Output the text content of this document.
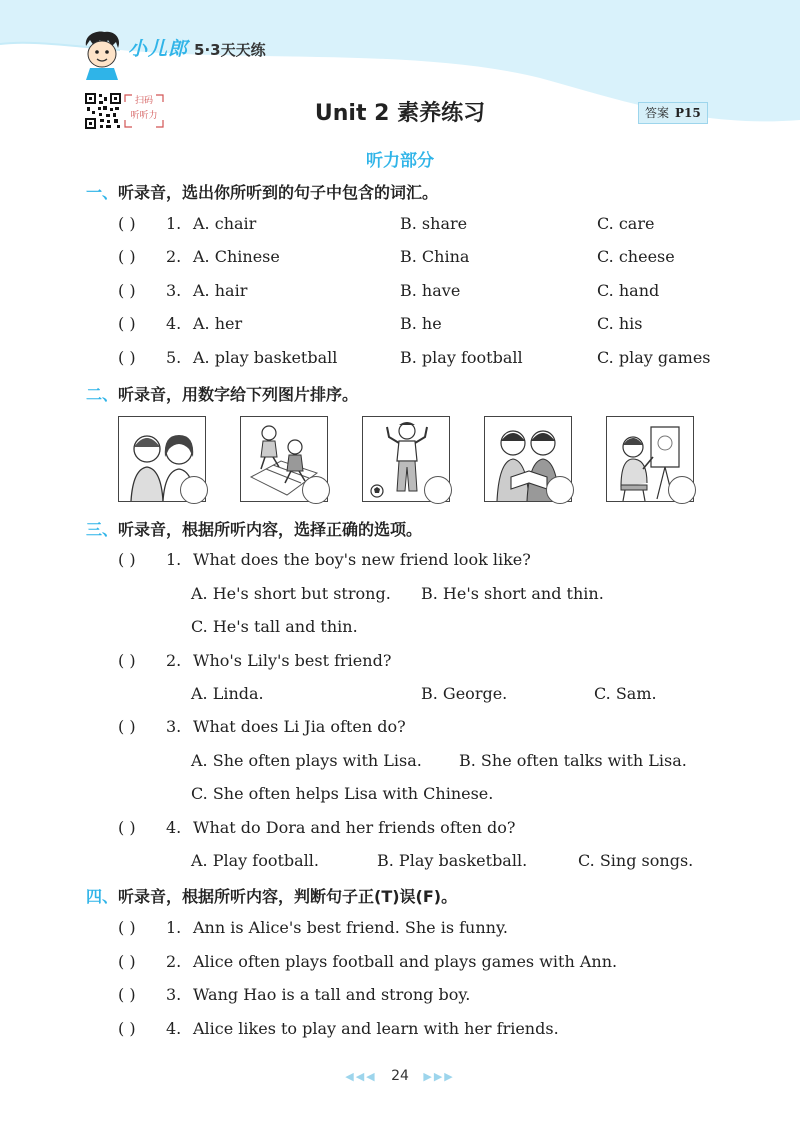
小儿郎 5·3天天练
扫码
听听力	Unit 2 素养练习	答案 P15
听力部分
一、听录音，选出你所听到的句子中包含的词汇。
( ) 1. A. chair	B. share	C. care
( ) 2. A. Chinese	B. China	C. cheese
( ) 3. A. hair	B. have	C. hand
( ) 4. A. her	B. he	C. his
( ) 5. A. play basketball	B. play football	C. play games
二、听录音，用数字给下列图片排序。
三、听录音，根据所听内容，选择正确的选项。
( ) 1. What does the boy's new friend look like?
A. He's short but strong. B. He's short and thin.
C. He's tall and thin.
( ) 2. Who's Lily's best friend?
A. Linda.	B. George.	C. Sam.
( ) 3. What does Li Jia often do?
A. She often plays with Lisa. B. She often talks with Lisa.
C. She often helps Lisa with Chinese.
( ) 4. What do Dora and her friends often do?
A. Play football.	B. Play basketball.	C. Sing songs.
四、听录音，根据所听内容，判断句子正(T)误(F)。
( ) 1. Ann is Alice's best friend. She is funny.
( ) 2. Alice often plays football and plays games with Ann.
( ) 3. Wang Hao is a tall and strong boy.
( ) 4. Alice likes to play and learn with her friends.
◀◀◀ 24 ▶▶▶
